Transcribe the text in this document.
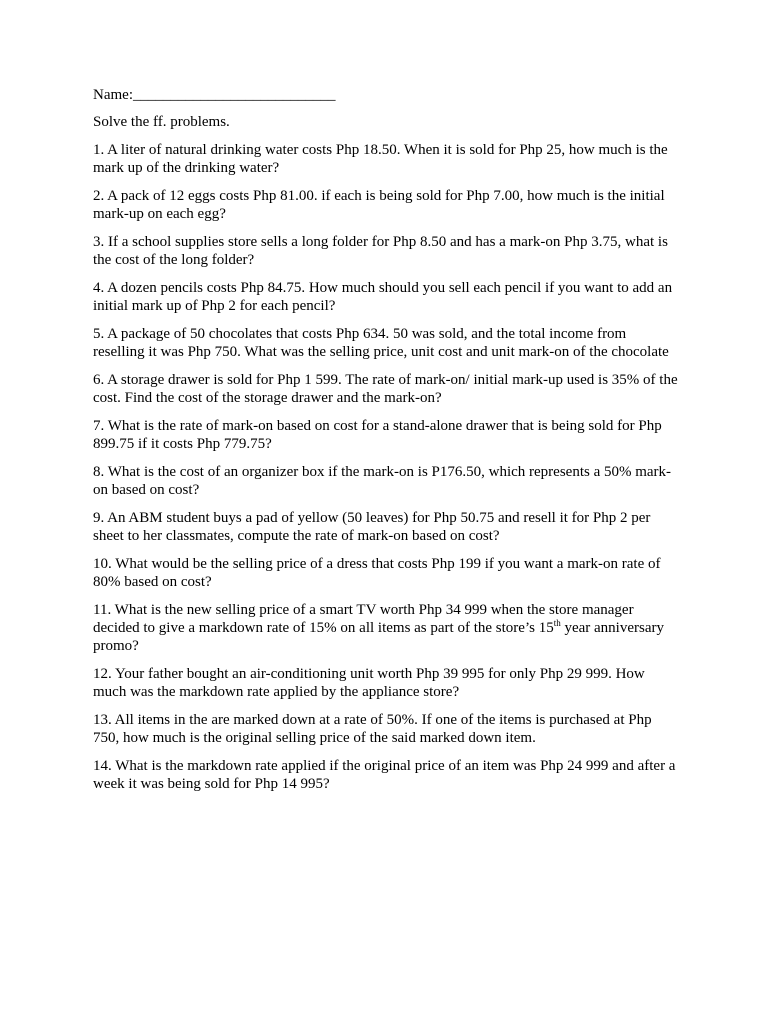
Name:___________________________
Solve the ff. problems.

1. A liter of natural drinking water costs Php 18.50. When it is sold for Php 25, how much is the mark up of the drinking water?

2. A pack of 12 eggs costs Php 81.00. if each is being sold for Php 7.00, how much is the initial mark-up on each egg?

3. If a school supplies store sells a long folder for Php 8.50 and has a mark-on Php 3.75, what is the cost of the long folder?

4. A dozen pencils costs Php 84.75. How much should you sell each pencil if you want to add an initial mark up of Php 2 for each pencil?

5. A package of 50 chocolates that costs Php 634. 50 was sold, and the total income from reselling it was Php 750. What was the selling price, unit cost and unit mark-on of the chocolate

6. A storage drawer is sold for Php 1 599. The rate of mark-on/ initial mark-up used is 35% of the cost. Find the cost of the storage drawer and the mark-on?

7. What is the rate of mark-on based on cost for a stand-alone drawer that is being sold for Php 899.75 if it costs Php 779.75?

8. What is the cost of an organizer box if the mark-on is P176.50, which represents a 50% mark-on based on cost?

9. An ABM student buys a pad of yellow (50 leaves) for Php 50.75 and resell it for Php 2 per sheet to her classmates, compute the rate of mark-on based on cost?

10. What would be the selling price of a dress that costs Php 199 if you want a mark-on rate of 80% based on cost?

11. What is the new selling price of a smart TV worth Php 34 999 when the store manager decided to give a markdown rate of 15% on all items as part of the store’s 15th year anniversary promo?

12. Your father bought an air-conditioning unit worth Php 39 995 for only Php 29 999. How much was the markdown rate applied by the appliance store?

13. All items in the are marked down at a rate of 50%. If one of the items is purchased at Php 750, how much is the original selling price of the said marked down item.

14. What is the markdown rate applied if the original price of an item was Php 24 999 and after a week it was being sold for Php 14 995?
